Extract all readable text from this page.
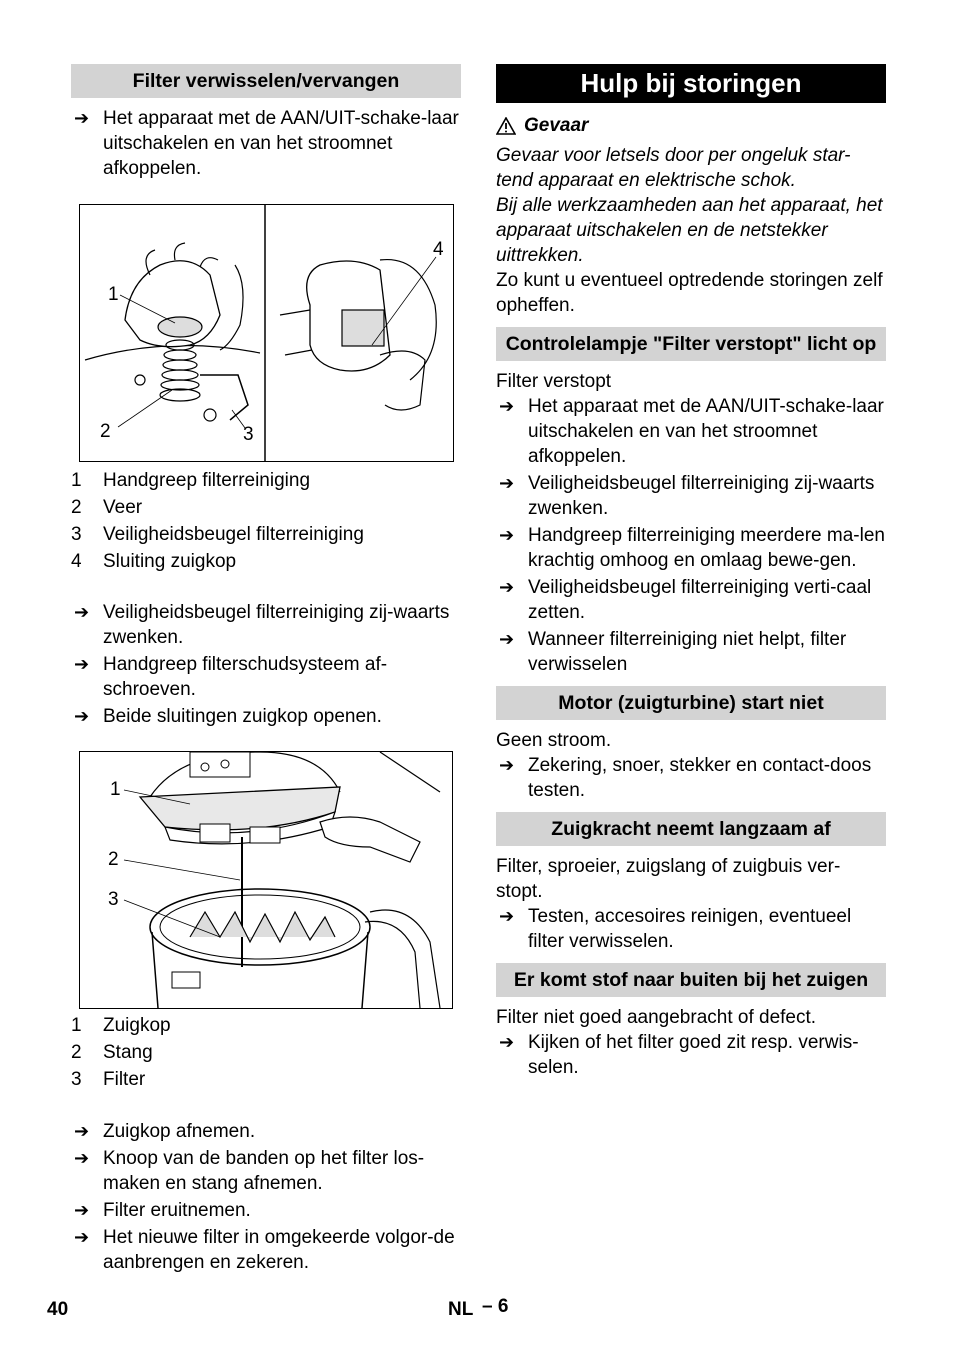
Filter verwisselen/vervangen
➔ Het apparaat met de AAN/UIT-schake-laar uitschakelen en van het stroomnet afkoppelen.
1
2	3
4
1 Handgreep filterreiniging
2 Veer
3 Veiligheidsbeugel filterreiniging
4 Sluiting zuigkop
➔ Veiligheidsbeugel filterreiniging zij-waarts zwenken.
➔ Handgreep filterschudsysteem af-schroeven.
➔ Beide sluitingen zuigkop openen.
1
2
3
1 Zuigkop
2 Stang
3 Filter
➔ Zuigkop afnemen.
➔ Knoop van de banden op het filter los-maken en stang afnemen.
➔ Filter eruitnemen.
➔ Het nieuwe filter in omgekeerde volgor-de aanbrengen en zekeren.
Hulp bij storingen
Gevaar
Gevaar voor letsels door per ongeluk star-tend apparaat en elektrische schok.
Bij alle werkzaamheden aan het apparaat, het apparaat uitschakelen en de netstekker uittrekken.
Zo kunt u eventueel optredende storingen zelf opheffen.
Controlelampje "Filter verstopt" licht op
Filter verstopt
➔ Het apparaat met de AAN/UIT-schake-laar uitschakelen en van het stroomnet afkoppelen.
➔ Veiligheidsbeugel filterreiniging zij-waarts zwenken.
➔ Handgreep filterreiniging meerdere ma-len krachtig omhoog en omlaag bewe-gen.
➔ Veiligheidsbeugel filterreiniging verti-caal zetten.
➔ Wanneer filterreiniging niet helpt, filter verwisselen
Motor (zuigturbine) start niet
Geen stroom.
➔ Zekering, snoer, stekker en contact-doos testen.
Zuigkracht neemt langzaam af
Filter, sproeier, zuigslang of zuigbuis ver-stopt.
➔ Testen, accesoires reinigen, eventueel filter verwisselen.
Er komt stof naar buiten bij het zuigen
Filter niet goed aangebracht of defect.
➔ Kijken of het filter goed zit resp. verwis-selen.
40	NL – 6
